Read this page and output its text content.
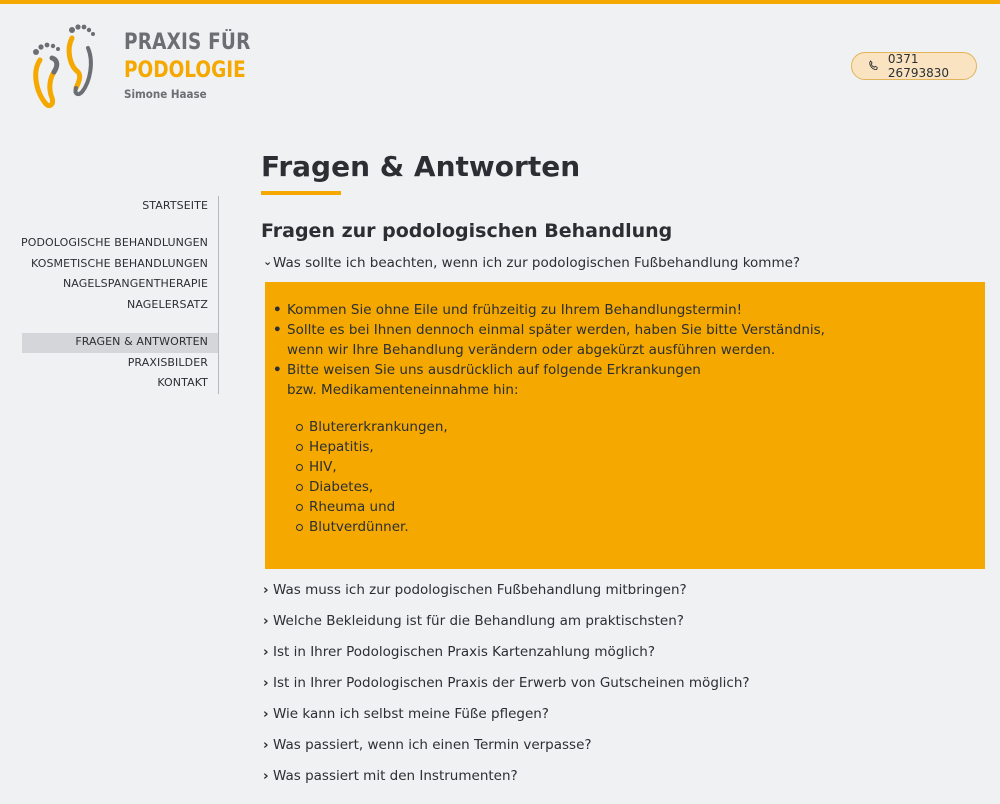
PRAXIS FÜR
PODOLOGIE
Simone Haase
0371 26793830
STARTSEITE
PODOLOGISCHE BEHANDLUNGEN
KOSMETISCHE BEHANDLUNGEN
NAGELSPANGENTHERAPIE
NAGELERSATZ
FRAGEN & ANTWORTEN
PRAXISBILDER
KONTAKT
Fragen & Antworten
Fragen zur podologischen Behandlung
⌄Was sollte ich beachten, wenn ich zur podologischen Fußbehandlung komme?
• Kommen Sie ohne Eile und frühzeitig zu Ihrem Behandlungstermin!
• Sollte es bei Ihnen dennoch einmal später werden, haben Sie bitte Verständnis, wenn wir Ihre Behandlung verändern oder abgekürzt ausführen werden.
• Bitte weisen Sie uns ausdrücklich auf folgende Erkrankungen bzw. Medikamenteneinnahme hin:
Blutererkrankungen,
Hepatitis,
HIV,
Diabetes,
Rheuma und
Blutverdünner.
› Was muss ich zur podologischen Fußbehandlung mitbringen?
› Welche Bekleidung ist für die Behandlung am praktischsten?
› Ist in Ihrer Podologischen Praxis Kartenzahlung möglich?
› Ist in Ihrer Podologischen Praxis der Erwerb von Gutscheinen möglich?
› Wie kann ich selbst meine Füße pflegen?
› Was passiert, wenn ich einen Termin verpasse?
› Was passiert mit den Instrumenten?
